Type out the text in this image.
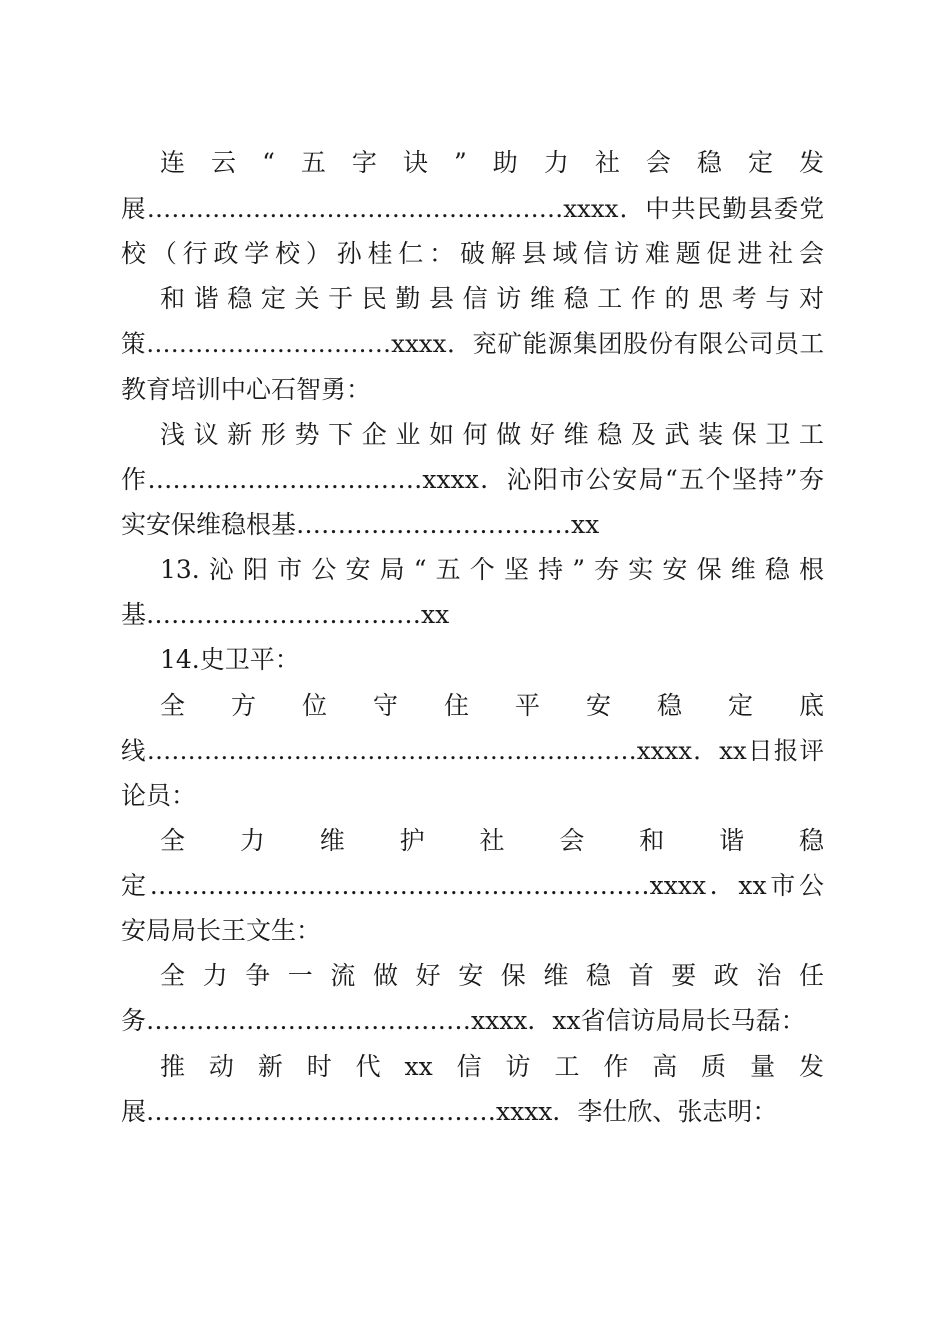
连云“五字诀”助力社会稳定发
展……………………………………………xxxx．中共民勤县委党
校（行政学校）孙桂仁：破解县域信访难题促进社会
和谐稳定关于民勤县信访维稳工作的思考与对
策…………………………xxxx．兖矿能源集团股份有限公司员工
教育培训中心石智勇：
浅议新形势下企业如何做好维稳及武装保卫工
作……………………………xxxx．沁阳市公安局“五个坚持”夯
实安保维稳根基……………………………xx
13.沁阳市公安局“五个坚持”夯实安保维稳根
基……………………………xx
14.史卫平：
全方位守住平安稳定底
线……………………………………………………xxxx．xx日报评
论员：
全力维护社会和谐稳
定……………………………………………………xxxx．xx市公
安局局长王文生：
全力争一流做好安保维稳首要政治任
务…………………………………xxxx．xx省信访局局长马磊：
推动新时代xx信访工作高质量发
展……………………………………xxxx．李仕欣、张志明：
